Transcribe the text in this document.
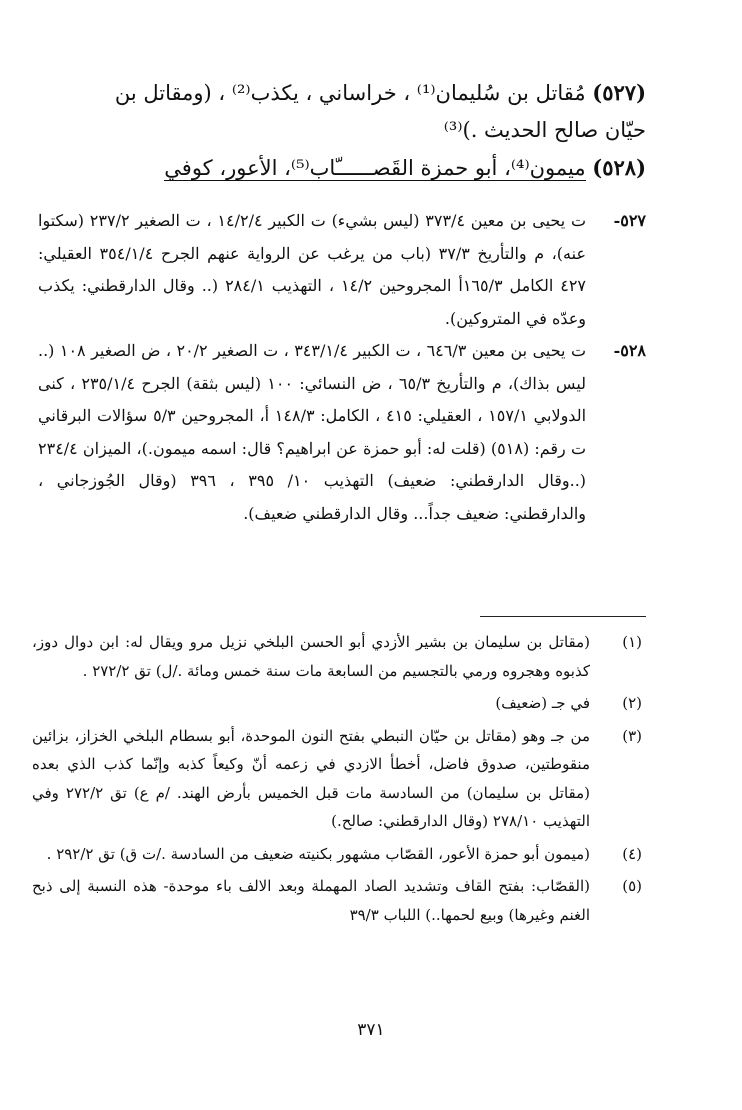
(٥٢٧) مُقاتل بن سُليمان⁽¹⁾ ، خراساني ، يكذب⁽²⁾ ، (ومقاتل بن
حيّان صالح الحديث .)⁽³⁾
(٥٢٨) ميمون⁽⁴⁾، أبو حمزة القَصــــــّاب⁽⁵⁾، الأعور، كوفي
٥٢٧-
ت يحيى بن معين ٣٧٣/٤ (ليس بشيء) ت الكبير ١٤/٢/٤ ، ت الصغير ٢٣٧/٢ (سكتوا عنه)، م والتأريخ ٣٧/٣ (باب من يرغب عن الرواية عنهم الجرح ٣٥٤/١/٤ العقيلي: ٤٢٧ الكامل ١٦٥/٣أ المجروحين ١٤/٢ ، التهذيب ٢٨٤/١ (.. وقال الدارقطني: يكذب وعدّه في المتروكين).
٥٢٨-
ت يحيى بن معين ٦٤٦/٣ ، ت الكبير ٣٤٣/١/٤ ، ت الصغير ٢٠/٢ ، ض الصغير ١٠٨ (.. ليس بذاك)، م والتأريخ ٦٥/٣ ، ض النسائي: ١٠٠ (ليس بثقة) الجرح ٢٣٥/١/٤ ، كنى الدولابي ١٥٧/١ ، العقيلي: ٤١٥ ، الكامل: ١٤٨/٣ أ، المجروحين ٥/٣ سؤالات البرقاني ت رقم: (٥١٨) (قلت له: أبو حمزة عن ابراهيم؟ قال: اسمه ميمون.)، الميزان ٢٣٤/٤ (..وقال الدارقطني: ضعيف) التهذيب ١٠/ ٣٩٥ ، ٣٩٦ (وقال الجُوزجاني ، والدارقطني: ضعيف جداً... وقال الدارقطني ضعيف).
(١)
(مقاتل بن سليمان بن بشير الأزدي أبو الحسن البلخي نزيل مرو ويقال له: ابن دوال دوز، كذبوه وهجروه ورمي بالتجسيم من السابعة مات سنة خمس ومائة ./ل) تق ٢٧٢/٢ .
(٢)
في جـ (ضعيف)
(٣)
من جـ وهو (مقاتل بن حيّان النبطي بفتح النون الموحدة، أبو بسطام البلخي الخزاز، بزائين منقوطتين، صدوق فاضل، أخطأ الازدي في زعمه أنّ وكيعاً كذبه وإنّما كذب الذي بعده (مقاتل بن سليمان) من السادسة مات قبل الخميس بأرض الهند. /م ع) تق ٢٧٢/٢ وفي التهذيب ٢٧٨/١٠ (وقال الدارقطني: صالح.)
(٤)
(ميمون أبو حمزة الأعور، القصّاب مشهور بكنيته ضعيف من السادسة ./ت ق) تق ٢٩٢/٢ .
(٥)
(القصّاب: بفتح القاف وتشديد الصاد المهملة وبعد الالف باء موحدة- هذه النسبة إلى ذبح الغنم وغيرها) وبيع لحمها..) اللباب ٣٩/٣
٣٧١
